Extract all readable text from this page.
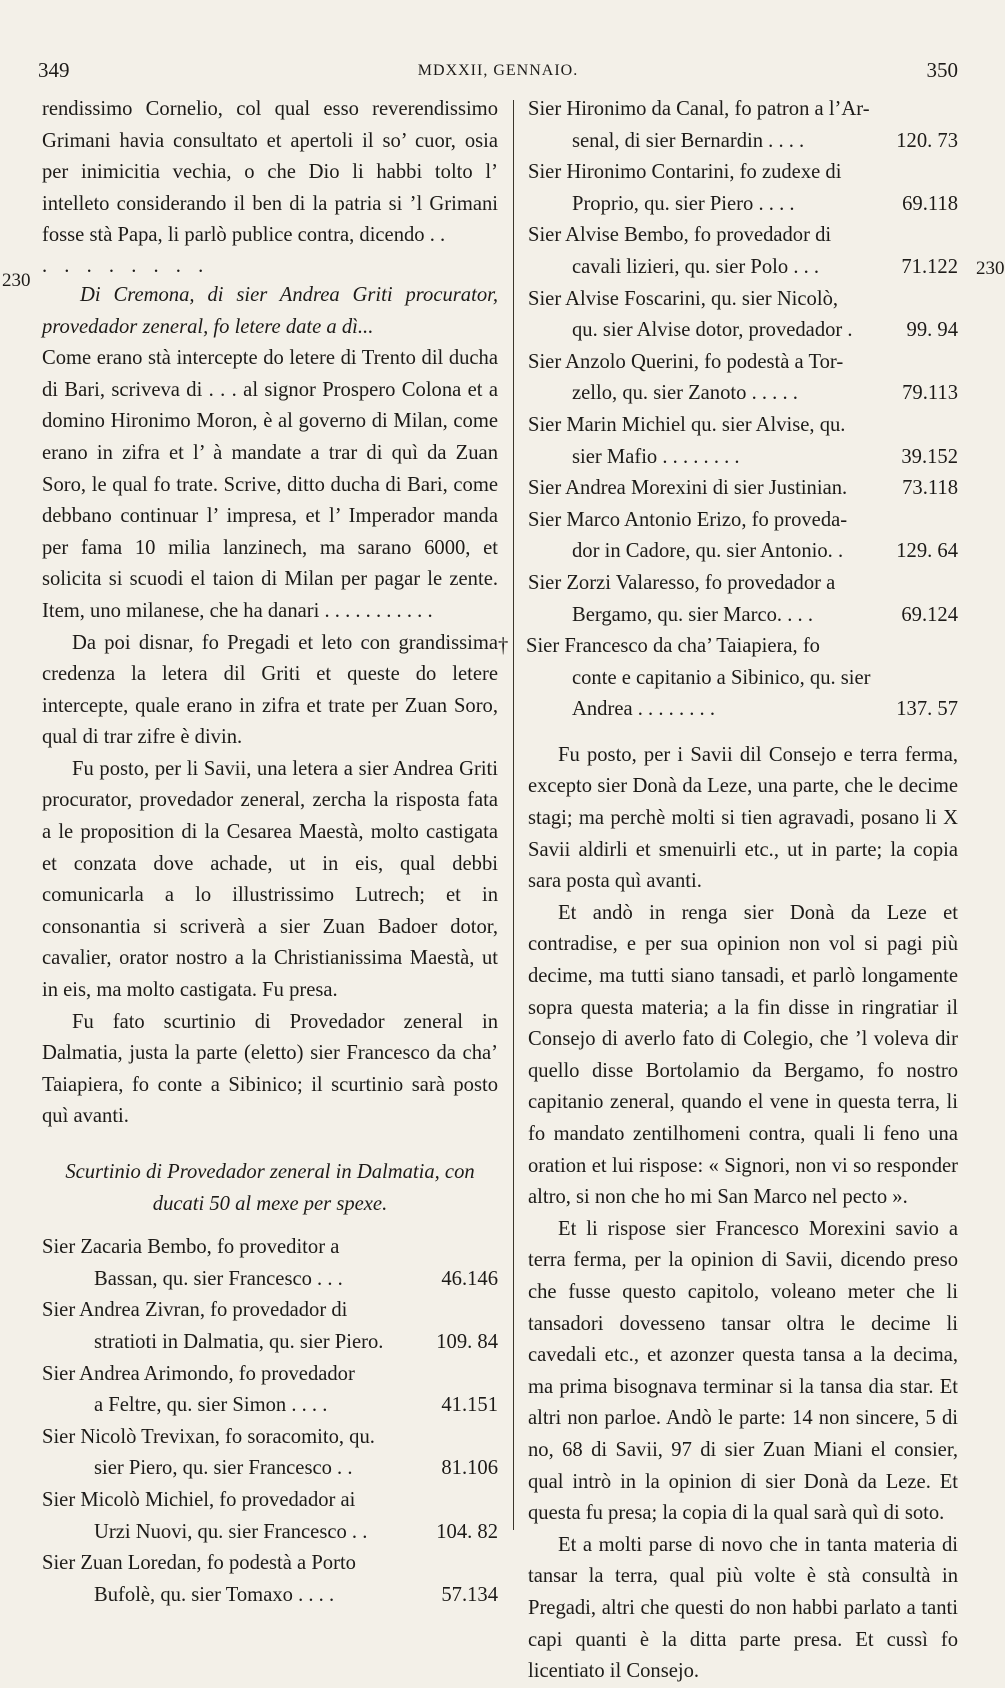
349	MDXXII, GENNAIO.	350
230
230

rendissimo Cornelio, col qual esso reverendissimo Grimani havia consultato et apertoli il so’ cuor, osia per inimicitia vechia, o che Dio li habbi tolto l’ intelleto considerando il ben di la patria si ’l Grimani fosse stà Papa, li parlò publice contra, dicendo . .

. . . . . . . .

Di Cremona, di sier Andrea Griti procurator, provedador zeneral, fo letere date a dì...

Come erano stà intercepte do letere di Trento dil ducha di Bari, scriveva di . . . al signor Prospero Colona et a domino Hironimo Moron, è al governo di Milan, come erano in zifra et l’ à mandate a trar di quì da Zuan Soro, le qual fo trate. Scrive, ditto ducha di Bari, come debbano continuar l’ impresa, et l’ Imperador manda per fama 10 milia lanzinech, ma sarano 6000, et solicita si scuodi el taion di Milan per pagar le zente. Item, uno milanese, che ha danari . . . . . . . . . . .

Da poi disnar, fo Pregadi et leto con grandissima credenza la letera dil Griti et queste do letere intercepte, quale erano in zifra et trate per Zuan Soro, qual di trar zifre è divin.

Fu posto, per li Savii, una letera a sier Andrea Griti procurator, provedador zeneral, zercha la risposta fata a le proposition di la Cesarea Maestà, molto castigata et conzata dove achade, ut in eis, qual debbi comunicarla a lo illustrissimo Lutrech; et in consonantia si scriverà a sier Zuan Badoer dotor, cavalier, orator nostro a la Christianissima Maestà, ut in eis, ma molto castigata. Fu presa.

Fu fato scurtinio di Provedador zeneral in Dalmatia, justa la parte (eletto) sier Francesco da cha’ Taiapiera, fo conte a Sibinico; il scurtinio sarà posto quì avanti.

Scurtinio di Provedador zeneral in Dalmatia, con ducati 50 al mexe per spexe.

Sier Zacaria Bembo, fo proveditor a
Bassan, qu. sier Francesco . . .	46.146
Sier Andrea Zivran, fo provedador di
stratioti in Dalmatia, qu. sier Piero.	109. 84
Sier Andrea Arimondo, fo provedador
a Feltre, qu. sier Simon . . . .	41.151
Sier Nicolò Trevixan, fo soracomito, qu.
sier Piero, qu. sier Francesco . .	81.106
Sier Micolò Michiel, fo provedador ai
Urzi Nuovi, qu. sier Francesco . .	104. 82
Sier Zuan Loredan, fo podestà a Porto
Bufolè, qu. sier Tomaxo . . . .	57.134
Sier Hironimo da Canal, fo patron a l’Ar-
senal, di sier Bernardin . . . .	120. 73
Sier Hironimo Contarini, fo zudexe di
Proprio, qu. sier Piero . . . .	69.118
Sier Alvise Bembo, fo provedador di
cavali lizieri, qu. sier Polo . . .	71.122
Sier Alvise Foscarini, qu. sier Nicolò,
qu. sier Alvise dotor, provedador .	99. 94
Sier Anzolo Querini, fo podestà a Tor-
zello, qu. sier Zanoto . . . . .	79.113
Sier Marin Michiel qu. sier Alvise, qu.
sier Mafio . . . . . . . .	39.152
Sier Andrea Morexini di sier Justinian.	73.118
Sier Marco Antonio Erizo, fo proveda-
dor in Cadore, qu. sier Antonio. .	129. 64
Sier Zorzi Valaresso, fo provedador a
Bergamo, qu. sier Marco. . . .	69.124
† Sier Francesco da cha’ Taiapiera, fo
conte e capitanio a Sibinico, qu. sier
Andrea . . . . . . . .	137. 57

Fu posto, per i Savii dil Consejo e terra ferma, excepto sier Donà da Leze, una parte, che le decime stagi; ma perchè molti si tien agravadi, posano li X Savii aldirli et smenuirli etc., ut in parte; la copia sara posta quì avanti.

Et andò in renga sier Donà da Leze et contradise, e per sua opinion non vol si pagi più decime, ma tutti siano tansadi, et parlò longamente sopra questa materia; a la fin disse in ringratiar il Consejo di averlo fato di Colegio, che ’l voleva dir quello disse Bortolamio da Bergamo, fo nostro capitanio zeneral, quando el vene in questa terra, li fo mandato zentilhomeni contra, quali li feno una oration et lui rispose: « Signori, non vi so responder altro, si non che ho mi San Marco nel pecto ».

Et li rispose sier Francesco Morexini savio a terra ferma, per la opinion di Savii, dicendo preso che fusse questo capitolo, voleano meter che li tansadori dovesseno tansar oltra le decime li cavedali etc., et azonzer questa tansa a la decima, ma prima bisognava terminar si la tansa dia star. Et altri non parloe. Andò le parte: 14 non sincere, 5 di no, 68 di Savii, 97 di sier Zuan Miani el consier, qual intrò in la opinion di sier Donà da Leze. Et questa fu presa; la copia di la qual sarà quì di soto.

Et a molti parse di novo che in tanta materia di tansar la terra, qual più volte è stà consultà in Pregadi, altri che questi do non habbi parlato a tanti capi quanti è la ditta parte presa. Et cussì fo licentiato il Consejo.
